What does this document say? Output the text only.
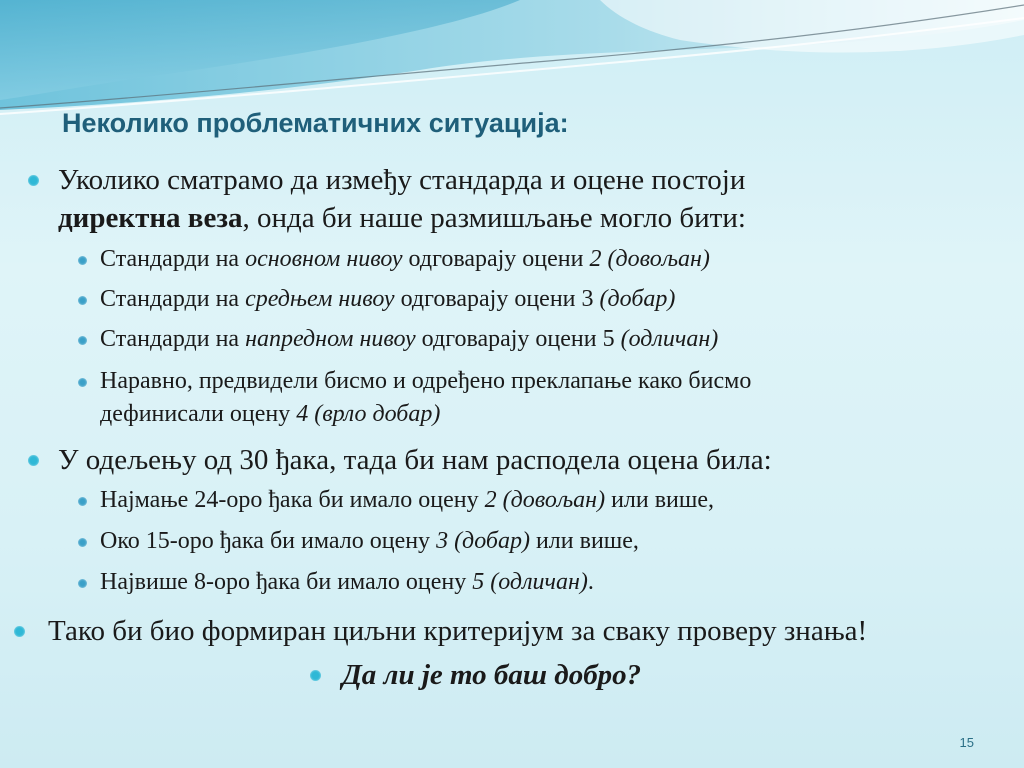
Неколико проблематичних ситуација:
Уколико сматрамо да између стандарда и оцене постоји
директна веза, онда би наше размишљање могло бити:
Стандарди на основном нивоу одговарају оцени 2 (довољан)
Стандарди на средњем нивоу одговарају оцени 3 (добар)
Стандарди на напредном нивоу одговарају оцени 5 (одличан)
Наравно, предвидели бисмо и одређено преклапање како бисмо
дефинисали оцену 4 (врло добар)
У одељењу од 30 ђака, тада би нам расподела оцена била:
Најмање 24-оро ђака би имало оцену 2 (довољан) или више,
Око 15-оро ђака би имало оцену 3 (добар) или више,
Највише 8-оро ђака би имало оцену 5 (одличан).
Тако би био формиран циљни критеријум за сваку проверу знања!
Да ли је то баш добро?
15
